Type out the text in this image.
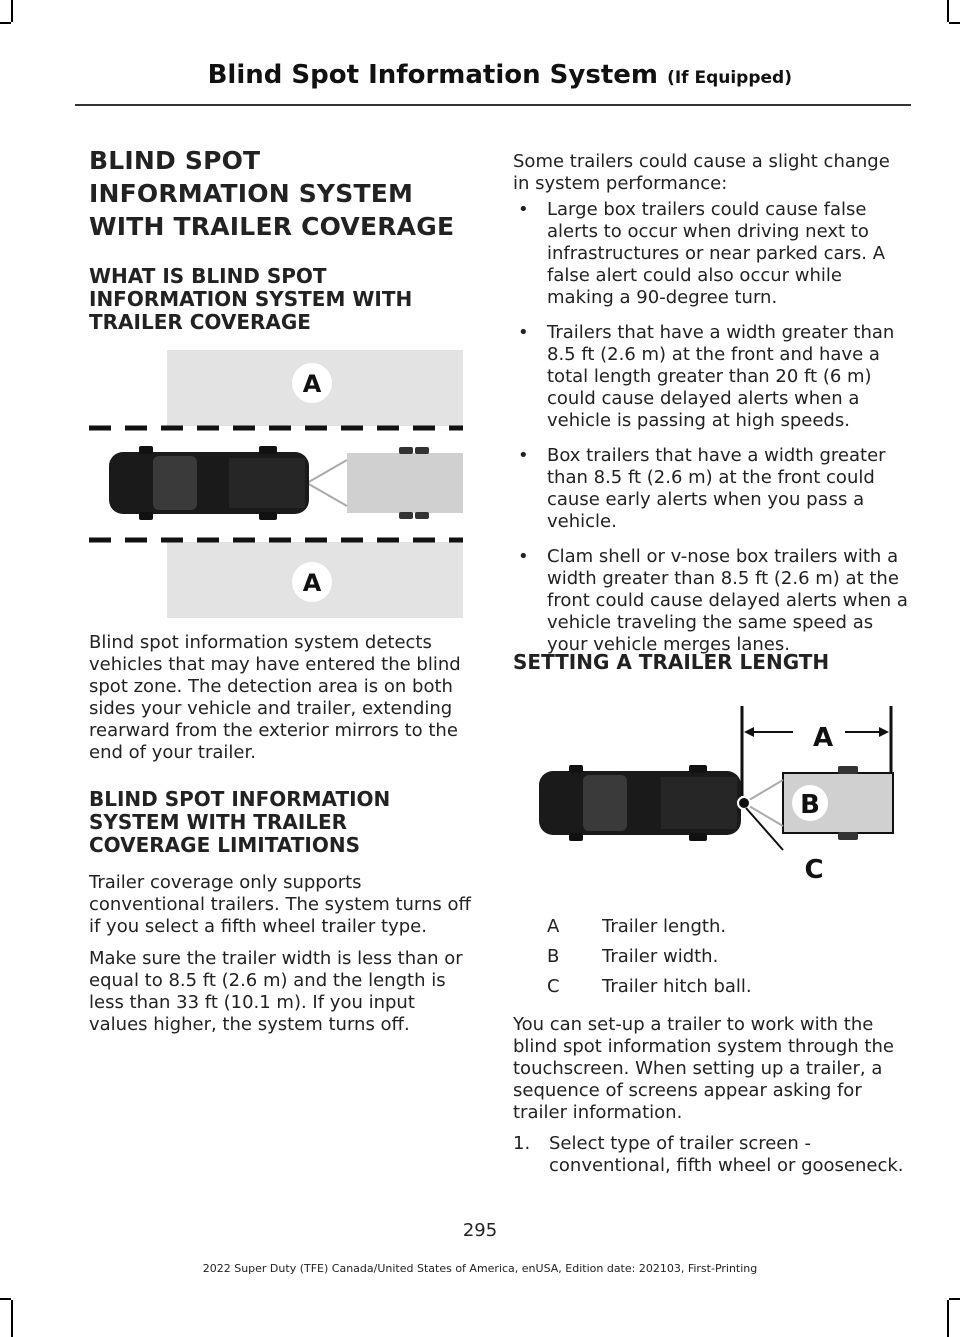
Blind Spot Information System (If Equipped)
BLIND SPOT INFORMATION SYSTEM WITH TRAILER COVERAGE
WHAT IS BLIND SPOT INFORMATION SYSTEM WITH TRAILER COVERAGE
A
A
Blind spot information system detects vehicles that may have entered the blind spot zone. The detection area is on both sides your vehicle and trailer, extending rearward from the exterior mirrors to the end of your trailer.
BLIND SPOT INFORMATION SYSTEM WITH TRAILER COVERAGE LIMITATIONS
Trailer coverage only supports conventional trailers. The system turns off if you select a fifth wheel trailer type.
Make sure the trailer width is less than or equal to 8.5 ft (2.6 m) and the length is less than 33 ft (10.1 m). If you input values higher, the system turns off.
Some trailers could cause a slight change in system performance:
• Large box trailers could cause false alerts to occur when driving next to infrastructures or near parked cars. A false alert could also occur while making a 90-degree turn.
• Trailers that have a width greater than 8.5 ft (2.6 m) at the front and have a total length greater than 20 ft (6 m) could cause delayed alerts when a vehicle is passing at high speeds.
• Box trailers that have a width greater than 8.5 ft (2.6 m) at the front could cause early alerts when you pass a vehicle.
• Clam shell or v-nose box trailers with a width greater than 8.5 ft (2.6 m) at the front could cause delayed alerts when a vehicle traveling the same speed as your vehicle merges lanes.
SETTING A TRAILER LENGTH
A
B
C
A Trailer length.
B Trailer width.
C Trailer hitch ball.
You can set-up a trailer to work with the blind spot information system through the touchscreen. When setting up a trailer, a sequence of screens appear asking for trailer information.
1. Select type of trailer screen - conventional, fifth wheel or gooseneck.
295
2022 Super Duty (TFE) Canada/United States of America, enUSA, Edition date: 202103, First-Printing
